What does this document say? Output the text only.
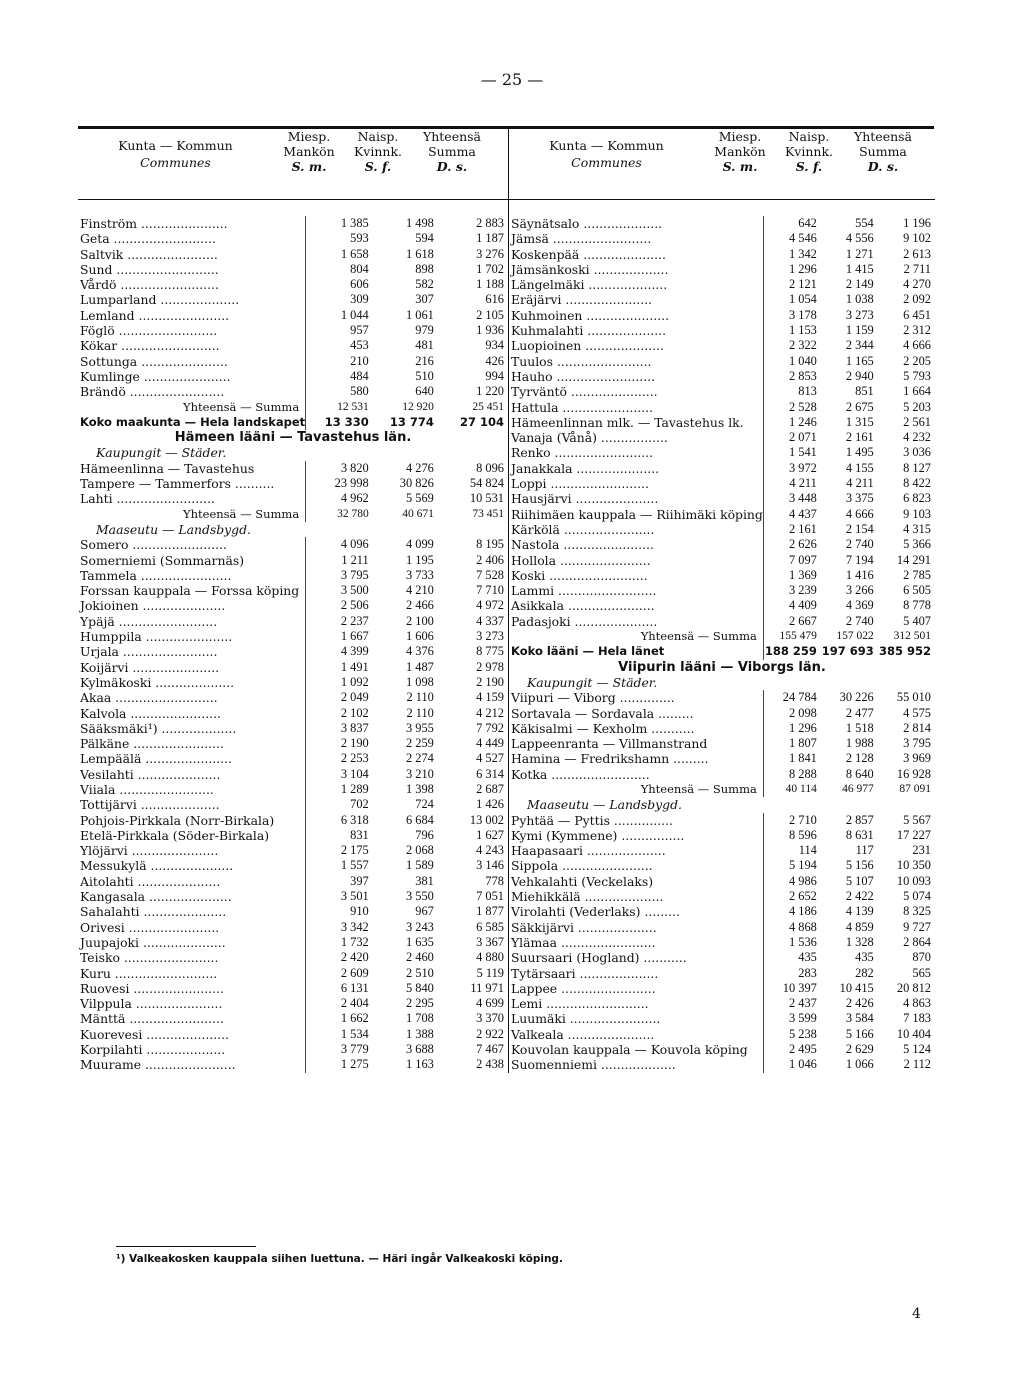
— 25 —
Kunta — Kommun
Communes
Miesp.
Mankön
S. m.
Naisp.
Kvinnk.
S. f.
Yhteensä
Summa
D. s.
Finström ......................	1 385	1 498	2 883
Geta ..........................	593	594	1 187
Saltvik .......................	1 658	1 618	3 276
Sund ..........................	804	898	1 702
Vårdö .........................	606	582	1 188
Lumparland ....................	309	307	616
Lemland .......................	1 044	1 061	2 105
Föglö .........................	957	979	1 936
Kökar .........................	453	481	934
Sottunga ......................	210	216	426
Kumlinge ......................	484	510	994
Brändö ........................	580	640	1 220
Yhteensä — Summa	12 531	12 920	25 451
Koko maakunta — Hela landskapet	13 330	13 774	27 104
Hämeen lääni — Tavastehus län.			
Kaupungit — Städer.			
Hämeenlinna — Tavastehus	3 820	4 276	8 096
Tampere — Tammerfors ..........	23 998	30 826	54 824
Lahti .........................	4 962	5 569	10 531
Yhteensä — Summa	32 780	40 671	73 451
Maaseutu — Landsbygd.			
Somero ........................	4 096	4 099	8 195
Somerniemi (Sommarnäs)	1 211	1 195	2 406
Tammela .......................	3 795	3 733	7 528
Forssan kauppala — Forssa köping	3 500	4 210	7 710
Jokioinen .....................	2 506	2 466	4 972
Ypäjä .........................	2 237	2 100	4 337
Humppila ......................	1 667	1 606	3 273
Urjala ........................	4 399	4 376	8 775
Koijärvi ......................	1 491	1 487	2 978
Kylmäkoski ....................	1 092	1 098	2 190
Akaa ..........................	2 049	2 110	4 159
Kalvola .......................	2 102	2 110	4 212
Sääksmäki¹) ...................	3 837	3 955	7 792
Pälkäne .......................	2 190	2 259	4 449
Lempäälä ......................	2 253	2 274	4 527
Vesilahti .....................	3 104	3 210	6 314
Viiala ........................	1 289	1 398	2 687
Tottijärvi ....................	702	724	1 426
Pohjois-Pirkkala (Norr-Birkala)	6 318	6 684	13 002
Etelä-Pirkkala (Söder-Birkala)	831	796	1 627
Ylöjärvi ......................	2 175	2 068	4 243
Messukylä .....................	1 557	1 589	3 146
Aitolahti .....................	397	381	778
Kangasala .....................	3 501	3 550	7 051
Sahalahti .....................	910	967	1 877
Orivesi .......................	3 342	3 243	6 585
Juupajoki .....................	1 732	1 635	3 367
Teisko ........................	2 420	2 460	4 880
Kuru ..........................	2 609	2 510	5 119
Ruovesi .......................	6 131	5 840	11 971
Vilppula ......................	2 404	2 295	4 699
Mänttä ........................	1 662	1 708	3 370
Kuorevesi .....................	1 534	1 388	2 922
Korpilahti ....................	3 779	3 688	7 467
Muurame .......................	1 275	1 163	2 438
Kunta — Kommun
Communes
Miesp.
Mankön
S. m.
Naisp.
Kvinnk.
S. f.
Yhteensä
Summa
D. s.
Säynätsalo ....................	642	554	1 196
Jämsä .........................	4 546	4 556	9 102
Koskenpää .....................	1 342	1 271	2 613
Jämsänkoski ...................	1 296	1 415	2 711
Längelmäki ....................	2 121	2 149	4 270
Eräjärvi ......................	1 054	1 038	2 092
Kuhmoinen .....................	3 178	3 273	6 451
Kuhmalahti ....................	1 153	1 159	2 312
Luopioinen ....................	2 322	2 344	4 666
Tuulos ........................	1 040	1 165	2 205
Hauho .........................	2 853	2 940	5 793
Tyrväntö ......................	813	851	1 664
Hattula .......................	2 528	2 675	5 203
Hämeenlinnan mlk. — Tavastehus lk.	1 246	1 315	2 561
Vanaja (Vånå) .................	2 071	2 161	4 232
Renko .........................	1 541	1 495	3 036
Janakkala .....................	3 972	4 155	8 127
Loppi .........................	4 211	4 211	8 422
Hausjärvi .....................	3 448	3 375	6 823
Riihimäen kauppala — Riihimäki köping	4 437	4 666	9 103
Kärkölä .......................	2 161	2 154	4 315
Nastola .......................	2 626	2 740	5 366
Hollola .......................	7 097	7 194	14 291
Koski .........................	1 369	1 416	2 785
Lammi .........................	3 239	3 266	6 505
Asikkala ......................	4 409	4 369	8 778
Padasjoki .....................	2 667	2 740	5 407
Yhteensä — Summa	155 479	157 022	312 501
Koko lääni — Hela länet	188 259	197 693	385 952
Viipurin lääni — Viborgs län.			
Kaupungit — Städer.			
Viipuri — Viborg ..............	24 784	30 226	55 010
Sortavala — Sordavala .........	2 098	2 477	4 575
Käkisalmi — Kexholm ...........	1 296	1 518	2 814
Lappeenranta — Villmanstrand	1 807	1 988	3 795
Hamina — Fredrikshamn .........	1 841	2 128	3 969
Kotka .........................	8 288	8 640	16 928
Yhteensä — Summa	40 114	46 977	87 091
Maaseutu — Landsbygd.			
Pyhtää — Pyttis ...............	2 710	2 857	5 567
Kymi (Kymmene) ................	8 596	8 631	17 227
Haapasaari ....................	114	117	231
Sippola .......................	5 194	5 156	10 350
Vehkalahti (Veckelaks)	4 986	5 107	10 093
Miehikkälä ....................	2 652	2 422	5 074
Virolahti (Vederlaks) .........	4 186	4 139	8 325
Säkkijärvi ....................	4 868	4 859	9 727
Ylämaa ........................	1 536	1 328	2 864
Suursaari (Hogland) ...........	435	435	870
Tytärsaari ....................	283	282	565
Lappee ........................	10 397	10 415	20 812
Lemi ..........................	2 437	2 426	4 863
Luumäki .......................	3 599	3 584	7 183
Valkeala ......................	5 238	5 166	10 404
Kouvolan kauppala — Kouvola köping	2 495	2 629	5 124
Suomenniemi ...................	1 046	1 066	2 112
¹) Valkeakosken kauppala siihen luettuna. — Häri ingår Valkeakoski köping.
4
